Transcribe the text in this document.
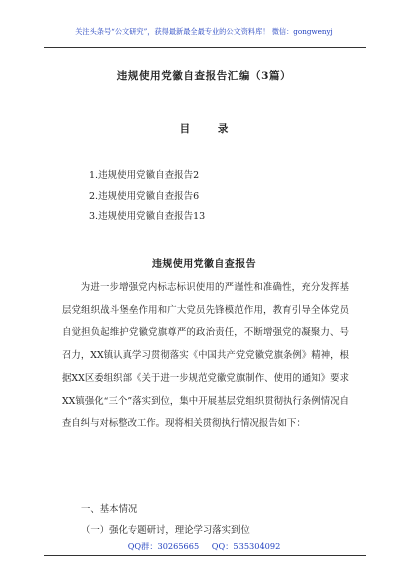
关注头条号“公文研究”，获得最新最全最专业的公文资料库！ 微信：gongwenyj
违规使用党徽自查报告汇编（3篇）
目 录
1.违规使用党徽自查报告2
2.违规使用党徽自查报告6
3.违规使用党徽自查报告13
违规使用党徽自查报告

为进一步增强党内标志标识使用的严谨性和准确性，充分发挥基层党组织战斗堡垒作用和广大党员先锋模范作用，教育引导全体党员自觉担负起维护党徽党旗尊严的政治责任，不断增强党的凝聚力、号召力，XX镇认真学习贯彻落实《中国共产党党徽党旗条例》精神，根据XX区委组织部《关于进一步规范党徽党旗制作、使用的通知》要求XX镇强化“三个”落实到位，集中开展基层党组织贯彻执行条例情况自查自纠与对标整改工作。现将相关贯彻执行情况报告如下：

一、基本情况
（一）强化专题研讨，理论学习落实到位
QQ群：30265665 QQ：535304092
